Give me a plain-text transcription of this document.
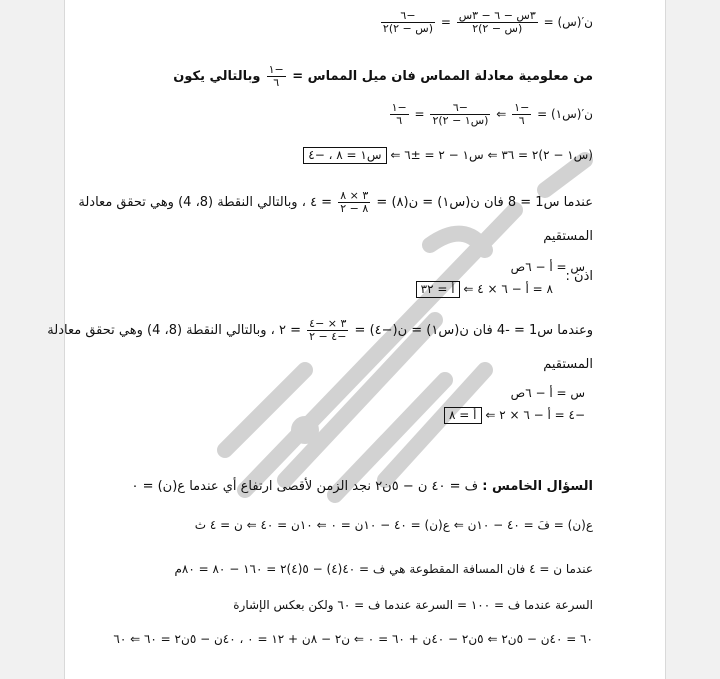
ن′(س) =
$\frac{\text{٣س − ٦ − ٣س}}{\text{(س − ٢)٢}}$
=
$\frac{-٦}{\text{(س − ٢)٢}}$
من معلومية معادلة المماس فان ميل المماس =
$\frac{-١}{٦}$
وبالتالي يكون
ن′(س١) =
$\frac{-١}{٦}$
⇐
$\frac{-٦}{\text{(س١ − ٢)٢}}$
=
$\frac{-١}{٦}$
(س١ − ٢)٢ = ٣٦ ⇐ س١ − ٢ = ±٦ ⇐ س١ = ٨ ، −٤
عندما س1 = 8 فان ن(س١) = ن(٨) =
$\frac{٣ \times ٨}{٨ - ٢}$
= ٤ ، وبالتالي النقطة (8، 4) وهي تحقق معادلة
المستقيم
س = أ − ٦ص
اذن :
٨ = أ − ٦ × ٤ ⇐ أ = ٣٢
وعندما س1 = -4 فان ن(س١) = ن(−٤) =
$\frac{٣ \times -٤}{-٤ - ٢}$
= ٢ ، وبالتالي النقطة (8، 4) وهي تحقق معادلة
المستقيم
س = أ − ٦ص
−٤ = أ − ٦ × ٢ ⇐ أ = ٨
السؤال الخامس : ف = ٤٠ ن − ٥ن٢ نجد الزمن لأقصى ارتفاع أي عندما ع(ن) = ٠
ع(ن) = فَ = ٤٠ − ١٠ن ⇐ ع(ن) = ٤٠ − ١٠ن = ٠ ⇐ ١٠ن = ٤٠ ⇐ ن = ٤ ث
عندما ن = ٤ فان المسافة المقطوعة هي ف = ٤٠(٤) − ٥(٤)٢ = ١٦٠ − ٨٠ = ٨٠م
السرعة عندما ف = ١٠٠ = السرعة عندما ف = ٦٠ ولكن بعكس الإشارة
٦٠ = ٤٠ن − ٥ن٢ ⇐ ٥ن٢ − ٤٠ن + ٦٠ = ٠ ⇐ ن٢ − ٨ن + ١٢ = ٠ ، ٤٠ن − ٥ن٢ = ٦٠ ⇐ ٦٠
